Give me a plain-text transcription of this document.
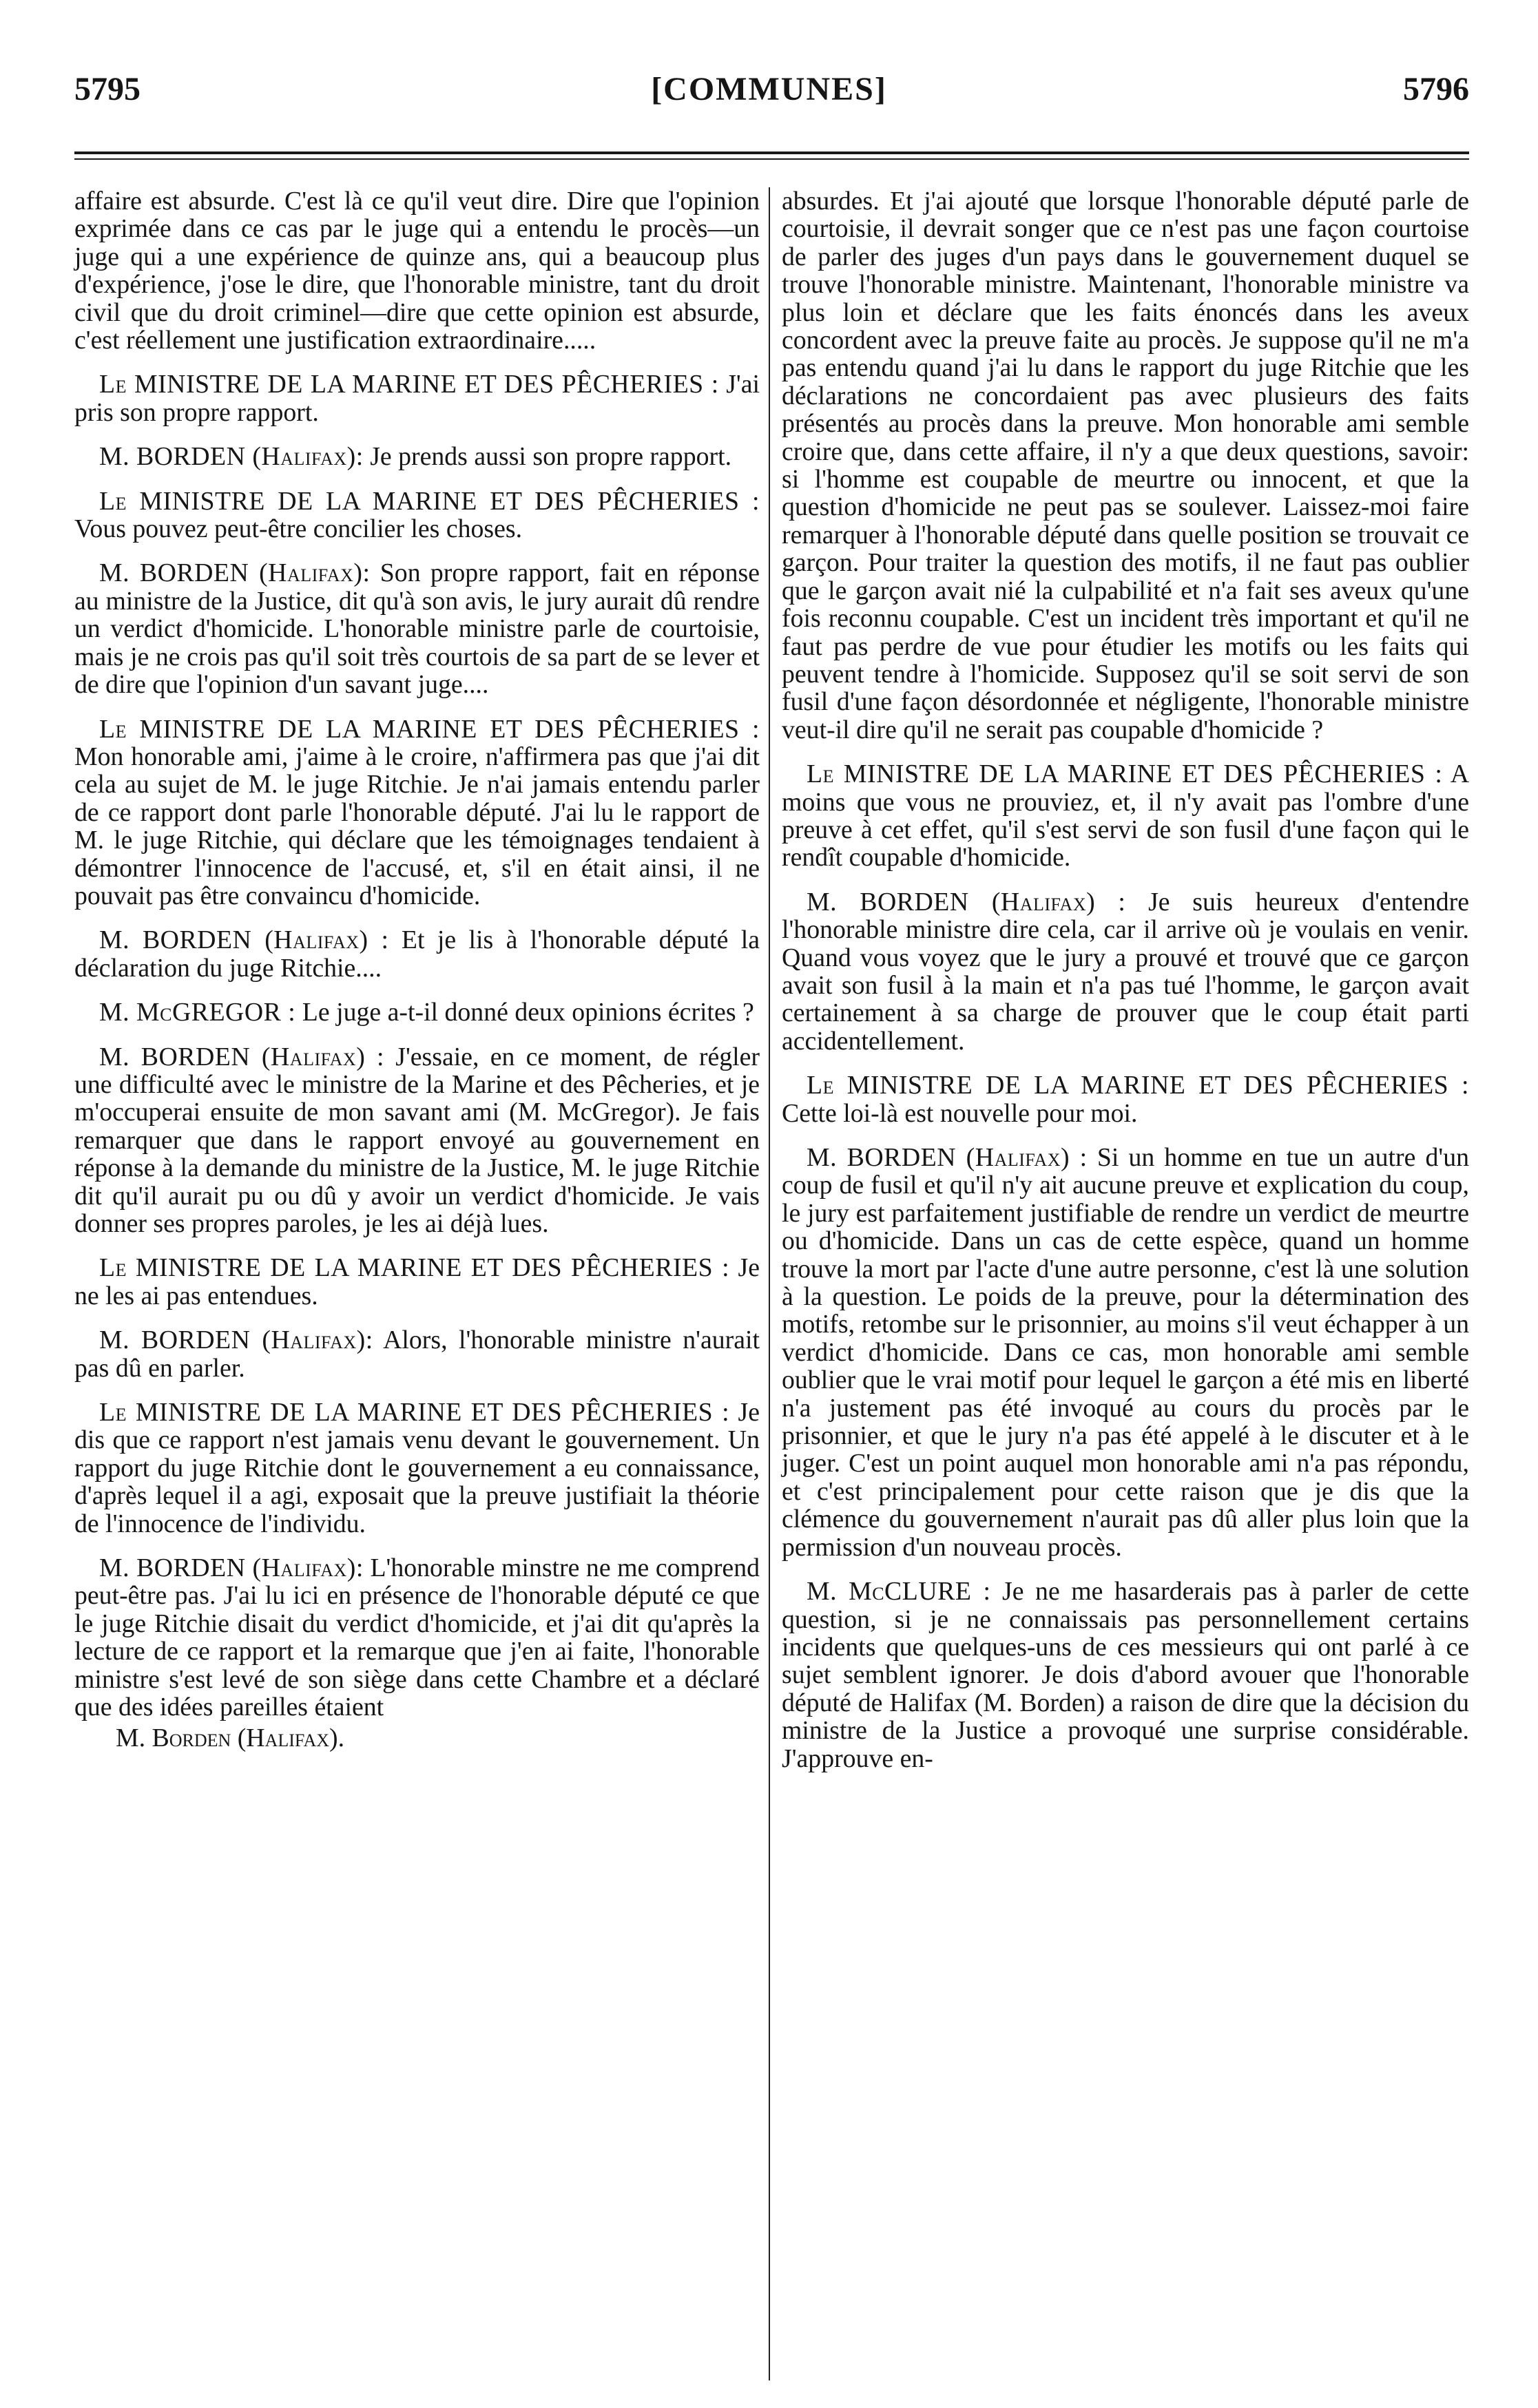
5795	[COMMUNES]	5796

affaire est absurde. C'est là ce qu'il veut dire. Dire que l'opinion exprimée dans ce cas par le juge qui a entendu le procès—un juge qui a une expérience de quinze ans, qui a beaucoup plus d'expérience, j'ose le dire, que l'honorable ministre, tant du droit civil que du droit criminel—dire que cette opinion est absurde, c'est réellement une justification extraordinaire.....

Le MINISTRE DE LA MARINE ET DES PÊCHERIES : J'ai pris son propre rapport.

M. BORDEN (Halifax): Je prends aussi son propre rapport.

Le MINISTRE DE LA MARINE ET DES PÊCHERIES : Vous pouvez peut-être concilier les choses.

M. BORDEN (Halifax): Son propre rapport, fait en réponse au ministre de la Justice, dit qu'à son avis, le jury aurait dû rendre un verdict d'homicide. L'honorable ministre parle de courtoisie, mais je ne crois pas qu'il soit très courtois de sa part de se lever et de dire que l'opinion d'un savant juge....

Le MINISTRE DE LA MARINE ET DES PÊCHERIES : Mon honorable ami, j'aime à le croire, n'affirmera pas que j'ai dit cela au sujet de M. le juge Ritchie. Je n'ai jamais entendu parler de ce rapport dont parle l'honorable député. J'ai lu le rapport de M. le juge Ritchie, qui déclare que les témoignages tendaient à démontrer l'innocence de l'accusé, et, s'il en était ainsi, il ne pouvait pas être convaincu d'homicide.

M. BORDEN (Halifax) : Et je lis à l'honorable député la déclaration du juge Ritchie....

M. McGREGOR : Le juge a-t-il donné deux opinions écrites ?

M. BORDEN (Halifax) : J'essaie, en ce moment, de régler une difficulté avec le ministre de la Marine et des Pêcheries, et je m'occuperai ensuite de mon savant ami (M. McGregor). Je fais remarquer que dans le rapport envoyé au gouvernement en réponse à la demande du ministre de la Justice, M. le juge Ritchie dit qu'il aurait pu ou dû y avoir un verdict d'homicide. Je vais donner ses propres paroles, je les ai déjà lues.

Le MINISTRE DE LA MARINE ET DES PÊCHERIES : Je ne les ai pas entendues.

M. BORDEN (Halifax): Alors, l'honorable ministre n'aurait pas dû en parler.

Le MINISTRE DE LA MARINE ET DES PÊCHERIES : Je dis que ce rapport n'est jamais venu devant le gouvernement. Un rapport du juge Ritchie dont le gouvernement a eu connaissance, d'après lequel il a agi, exposait que la preuve justifiait la théorie de l'innocence de l'individu.

M. BORDEN (Halifax): L'honorable minstre ne me comprend peut-être pas. J'ai lu ici en présence de l'honorable député ce que le juge Ritchie disait du verdict d'homicide, et j'ai dit qu'après la lecture de ce rapport et la remarque que j'en ai faite, l'honorable ministre s'est levé de son siège dans cette Chambre et a déclaré que des idées pareilles étaient

M. Borden (Halifax).

absurdes. Et j'ai ajouté que lorsque l'honorable député parle de courtoisie, il devrait songer que ce n'est pas une façon courtoise de parler des juges d'un pays dans le gouvernement duquel se trouve l'honorable ministre. Maintenant, l'honorable ministre va plus loin et déclare que les faits énoncés dans les aveux concordent avec la preuve faite au procès. Je suppose qu'il ne m'a pas entendu quand j'ai lu dans le rapport du juge Ritchie que les déclarations ne concordaient pas avec plusieurs des faits présentés au procès dans la preuve. Mon honorable ami semble croire que, dans cette affaire, il n'y a que deux questions, savoir: si l'homme est coupable de meurtre ou innocent, et que la question d'homicide ne peut pas se soulever. Laissez-moi faire remarquer à l'honorable député dans quelle position se trouvait ce garçon. Pour traiter la question des motifs, il ne faut pas oublier que le garçon avait nié la culpabilité et n'a fait ses aveux qu'une fois reconnu coupable. C'est un incident très important et qu'il ne faut pas perdre de vue pour étudier les motifs ou les faits qui peuvent tendre à l'homicide. Supposez qu'il se soit servi de son fusil d'une façon désordonnée et négligente, l'honorable ministre veut-il dire qu'il ne serait pas coupable d'homicide ?

Le MINISTRE DE LA MARINE ET DES PÊCHERIES : A moins que vous ne prouviez, et, il n'y avait pas l'ombre d'une preuve à cet effet, qu'il s'est servi de son fusil d'une façon qui le rendît coupable d'homicide.

M. BORDEN (Halifax) : Je suis heureux d'entendre l'honorable ministre dire cela, car il arrive où je voulais en venir. Quand vous voyez que le jury a prouvé et trouvé que ce garçon avait son fusil à la main et n'a pas tué l'homme, le garçon avait certainement à sa charge de prouver que le coup était parti accidentellement.

Le MINISTRE DE LA MARINE ET DES PÊCHERIES : Cette loi-là est nouvelle pour moi.

M. BORDEN (Halifax) : Si un homme en tue un autre d'un coup de fusil et qu'il n'y ait aucune preuve et explication du coup, le jury est parfaitement justifiable de rendre un verdict de meurtre ou d'homicide. Dans un cas de cette espèce, quand un homme trouve la mort par l'acte d'une autre personne, c'est là une solution à la question. Le poids de la preuve, pour la détermination des motifs, retombe sur le prisonnier, au moins s'il veut échapper à un verdict d'homicide. Dans ce cas, mon honorable ami semble oublier que le vrai motif pour lequel le garçon a été mis en liberté n'a justement pas été invoqué au cours du procès par le prisonnier, et que le jury n'a pas été appelé à le discuter et à le juger. C'est un point auquel mon honorable ami n'a pas répondu, et c'est principalement pour cette raison que je dis que la clémence du gouvernement n'aurait pas dû aller plus loin que la permission d'un nouveau procès.

M. McCLURE : Je ne me hasarderais pas à parler de cette question, si je ne connaissais pas personnellement certains incidents que quelques-uns de ces messieurs qui ont parlé à ce sujet semblent ignorer. Je dois d'abord avouer que l'honorable député de Halifax (M. Borden) a raison de dire que la décision du ministre de la Justice a provoqué une surprise considérable. J'approuve en-
